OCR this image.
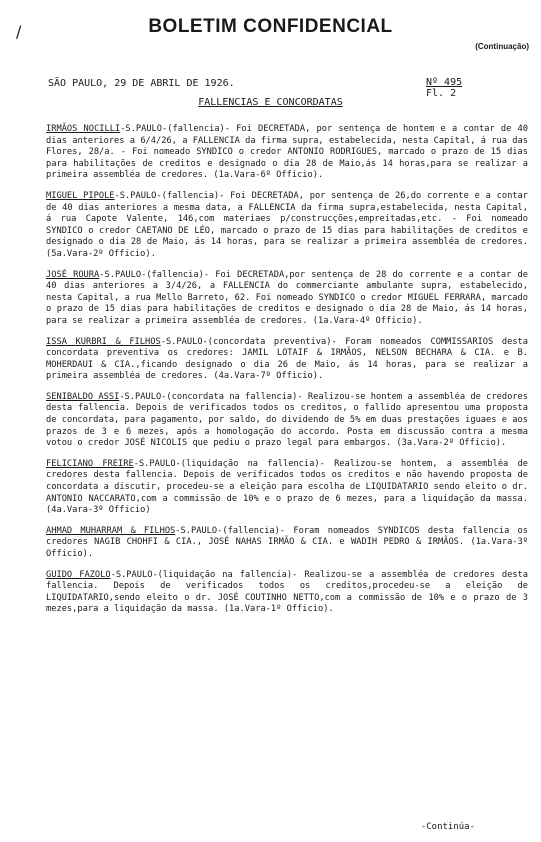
/	BOLETIM CONFIDENCIAL
(Continuação)
SÃO PAULO, 29 DE ABRIL DE 1926.	Nº 495
Fl. 2
FALLENCIAS E CONCORDATAS
IRMÃOS NOCILLI-S.PAULO-(fallencia)- Foi DECRETADA, por sentença de hontem e a contar de 40 dias anteriores a 6/4/26, a FALLENCIA da firma supra, estabelecida, nesta Capital, á rua das Flores, 28/a. - Foi nomeado SYNDICO o credor ANTONIO RODRIGUES, marcado o prazo de 15 dias para habilitações de creditos e designado o dia 28 de Maio,ás 14 horas,para se realizar a primeira assembléa de credores. (1a.Vara-6º Officio).
MIGUEL PIPOLE-S.PAULO-(fallencia)- Foi DECRETADA, por sentença de 26,do corrente e a contar de 40 dias anteriores a mesma data, a FALLENCIA da firma supra,estabelecida, nesta Capital, á rua Capote Valente, 146,com materiaes p/construcções,empreitadas,etc. - Foi nomeado SYNDICO o credor CAETANO DE LÉO, marcado o prazo de 15 dias para habilitações de creditos e designado o dia 28 de Maio, ás 14 horas, para se realizar a primeira assembléa de credores. (5a.Vara-2º Officio).
JOSÉ ROURA-S.PAULO-(fallencia)- Foi DECRETADA,por sentença de 28 do corrente e a contar de 40 dias anteriores a 3/4/26, a FALLENCIA do commerciante ambulante supra, estabelecido, nesta Capital, a rua Mello Barreto, 62. Foi nomeado SYNDICO o credor MIGUEL FERRARA, marcado o prazo de 15 dias para habilitações de creditos e designado o dia 28 de Maio, ás 14 horas, para se realizar a primeira assembléa de credores. (1a.Vara-4º Officio).
ISSA KURBRI & FILHOS-S.PAULO-(concordata preventiva)- Foram nomeados COMMISSARIOS desta concordata preventiva os credores: JAMIL LOTAIF & IRMÃOS, NELSON BECHARA & CIA. e B. MOHERDAUI & CIA.,ficando designado o dia 26 de Maio, ás 14 horas, para se realizar a primeira assembléa de credores. (4a.Vara-7º Officio).
SENIBALDO ASSI-S.PAULO-(concordata na fallencia)- Realizou-se hontem a assembléa de credores desta fallencia. Depois de verificados todos os creditos, o fallido apresentou uma proposta de concordata, para pagamento, por saldo, do dividendo de 5% em duas prestações iguaes e aos prazos de 3 e 6 mezes, após a homologação do accordo. Posta em discussão contra a mesma votou o credor JOSÉ NICOLIS que pediu o prazo legal para embargos. (3a.Vara-2º Officio).
FELICIANO FREIRE-S.PAULO-(liquidação na fallencia)- Realizou-se hontem, a assembléa de credores desta fallencia. Depois de verificados todos os creditos e não havendo proposta de concordata a discutir, procedeu-se a eleição para escolha de LIQUIDATARIO sendo eleito o dr. ANTONIO NACCARATO,com a commissão de 10% e o prazo de 6 mezes, para a liquidação da massa.(4a.Vara-3º Officio)
AHMAD MUHARRAM & FILHOS-S.PAULO-(fallencia)- Foram nomeados SYNDICOS desta fallencia os credores NAGIB CHOHFI & CIA., JOSÉ NAHAS IRMÃO & CIA. e WADIH PEDRO & IRMÃOS. (1a.Vara-3º Officio).
GUIDO FAZOLO-S.PAULO-(liquidação na fallencia)- Realizou-se a assembléa de credores desta fallencia. Depois de verificados todos os creditos,procedeu-se a eleição de LIQUIDATARIO,sendo eleito o dr. JOSÉ COUTINHO NETTO,com a commissão de 10% e o prazo de 3 mezes,para a liquidação da massa. (1a.Vara-1º Officio).
-Continúa-
